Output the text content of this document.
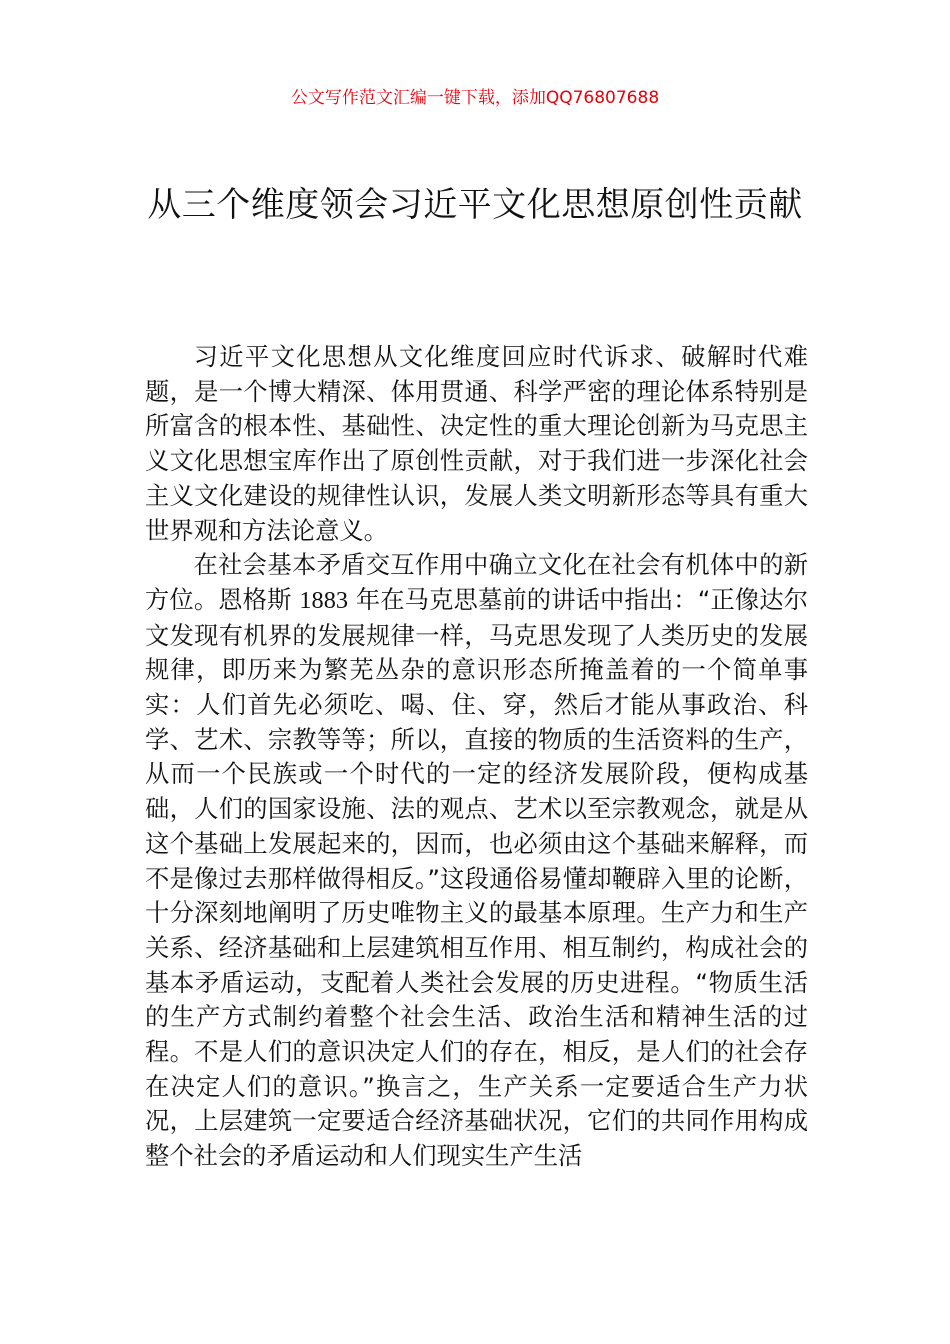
公文写作范文汇编一键下载，添加QQ76807688
从三个维度领会习近平文化思想原创性贡献

习近平文化思想从文化维度回应时代诉求、破解时代难题，是一个博大精深、体用贯通、科学严密的理论体系特别是所富含的根本性、基础性、决定性的重大理论创新为马克思主义文化思想宝库作出了原创性贡献，对于我们进一步深化社会主义文化建设的规律性认识，发展人类文明新形态等具有重大世界观和方法论意义。

在社会基本矛盾交互作用中确立文化在社会有机体中的新方位。恩格斯 1883 年在马克思墓前的讲话中指出：“正像达尔文发现有机界的发展规律一样，马克思发现了人类历史的发展规律，即历来为繁芜丛杂的意识形态所掩盖着的一个简单事实：人们首先必须吃、喝、住、穿，然后才能从事政治、科学、艺术、宗教等等；所以，直接的物质的生活资料的生产，从而一个民族或一个时代的一定的经济发展阶段，便构成基础，人们的国家设施、法的观点、艺术以至宗教观念，就是从这个基础上发展起来的，因而，也必须由这个基础来解释，而不是像过去那样做得相反。”这段通俗易懂却鞭辟入里的论断，十分深刻地阐明了历史唯物主义的最基本原理。生产力和生产关系、经济基础和上层建筑相互作用、相互制约，构成社会的基本矛盾运动，支配着人类社会发展的历史进程。“物质生活的生产方式制约着整个社会生活、政治生活和精神生活的过程。不是人们的意识决定人们的存在，相反，是人们的社会存在决定人们的意识。”换言之，生产关系一定要适合生产力状况，上层建筑一定要适合经济基础状况，它们的共同作用构成整个社会的矛盾运动和人们现实生产生活
